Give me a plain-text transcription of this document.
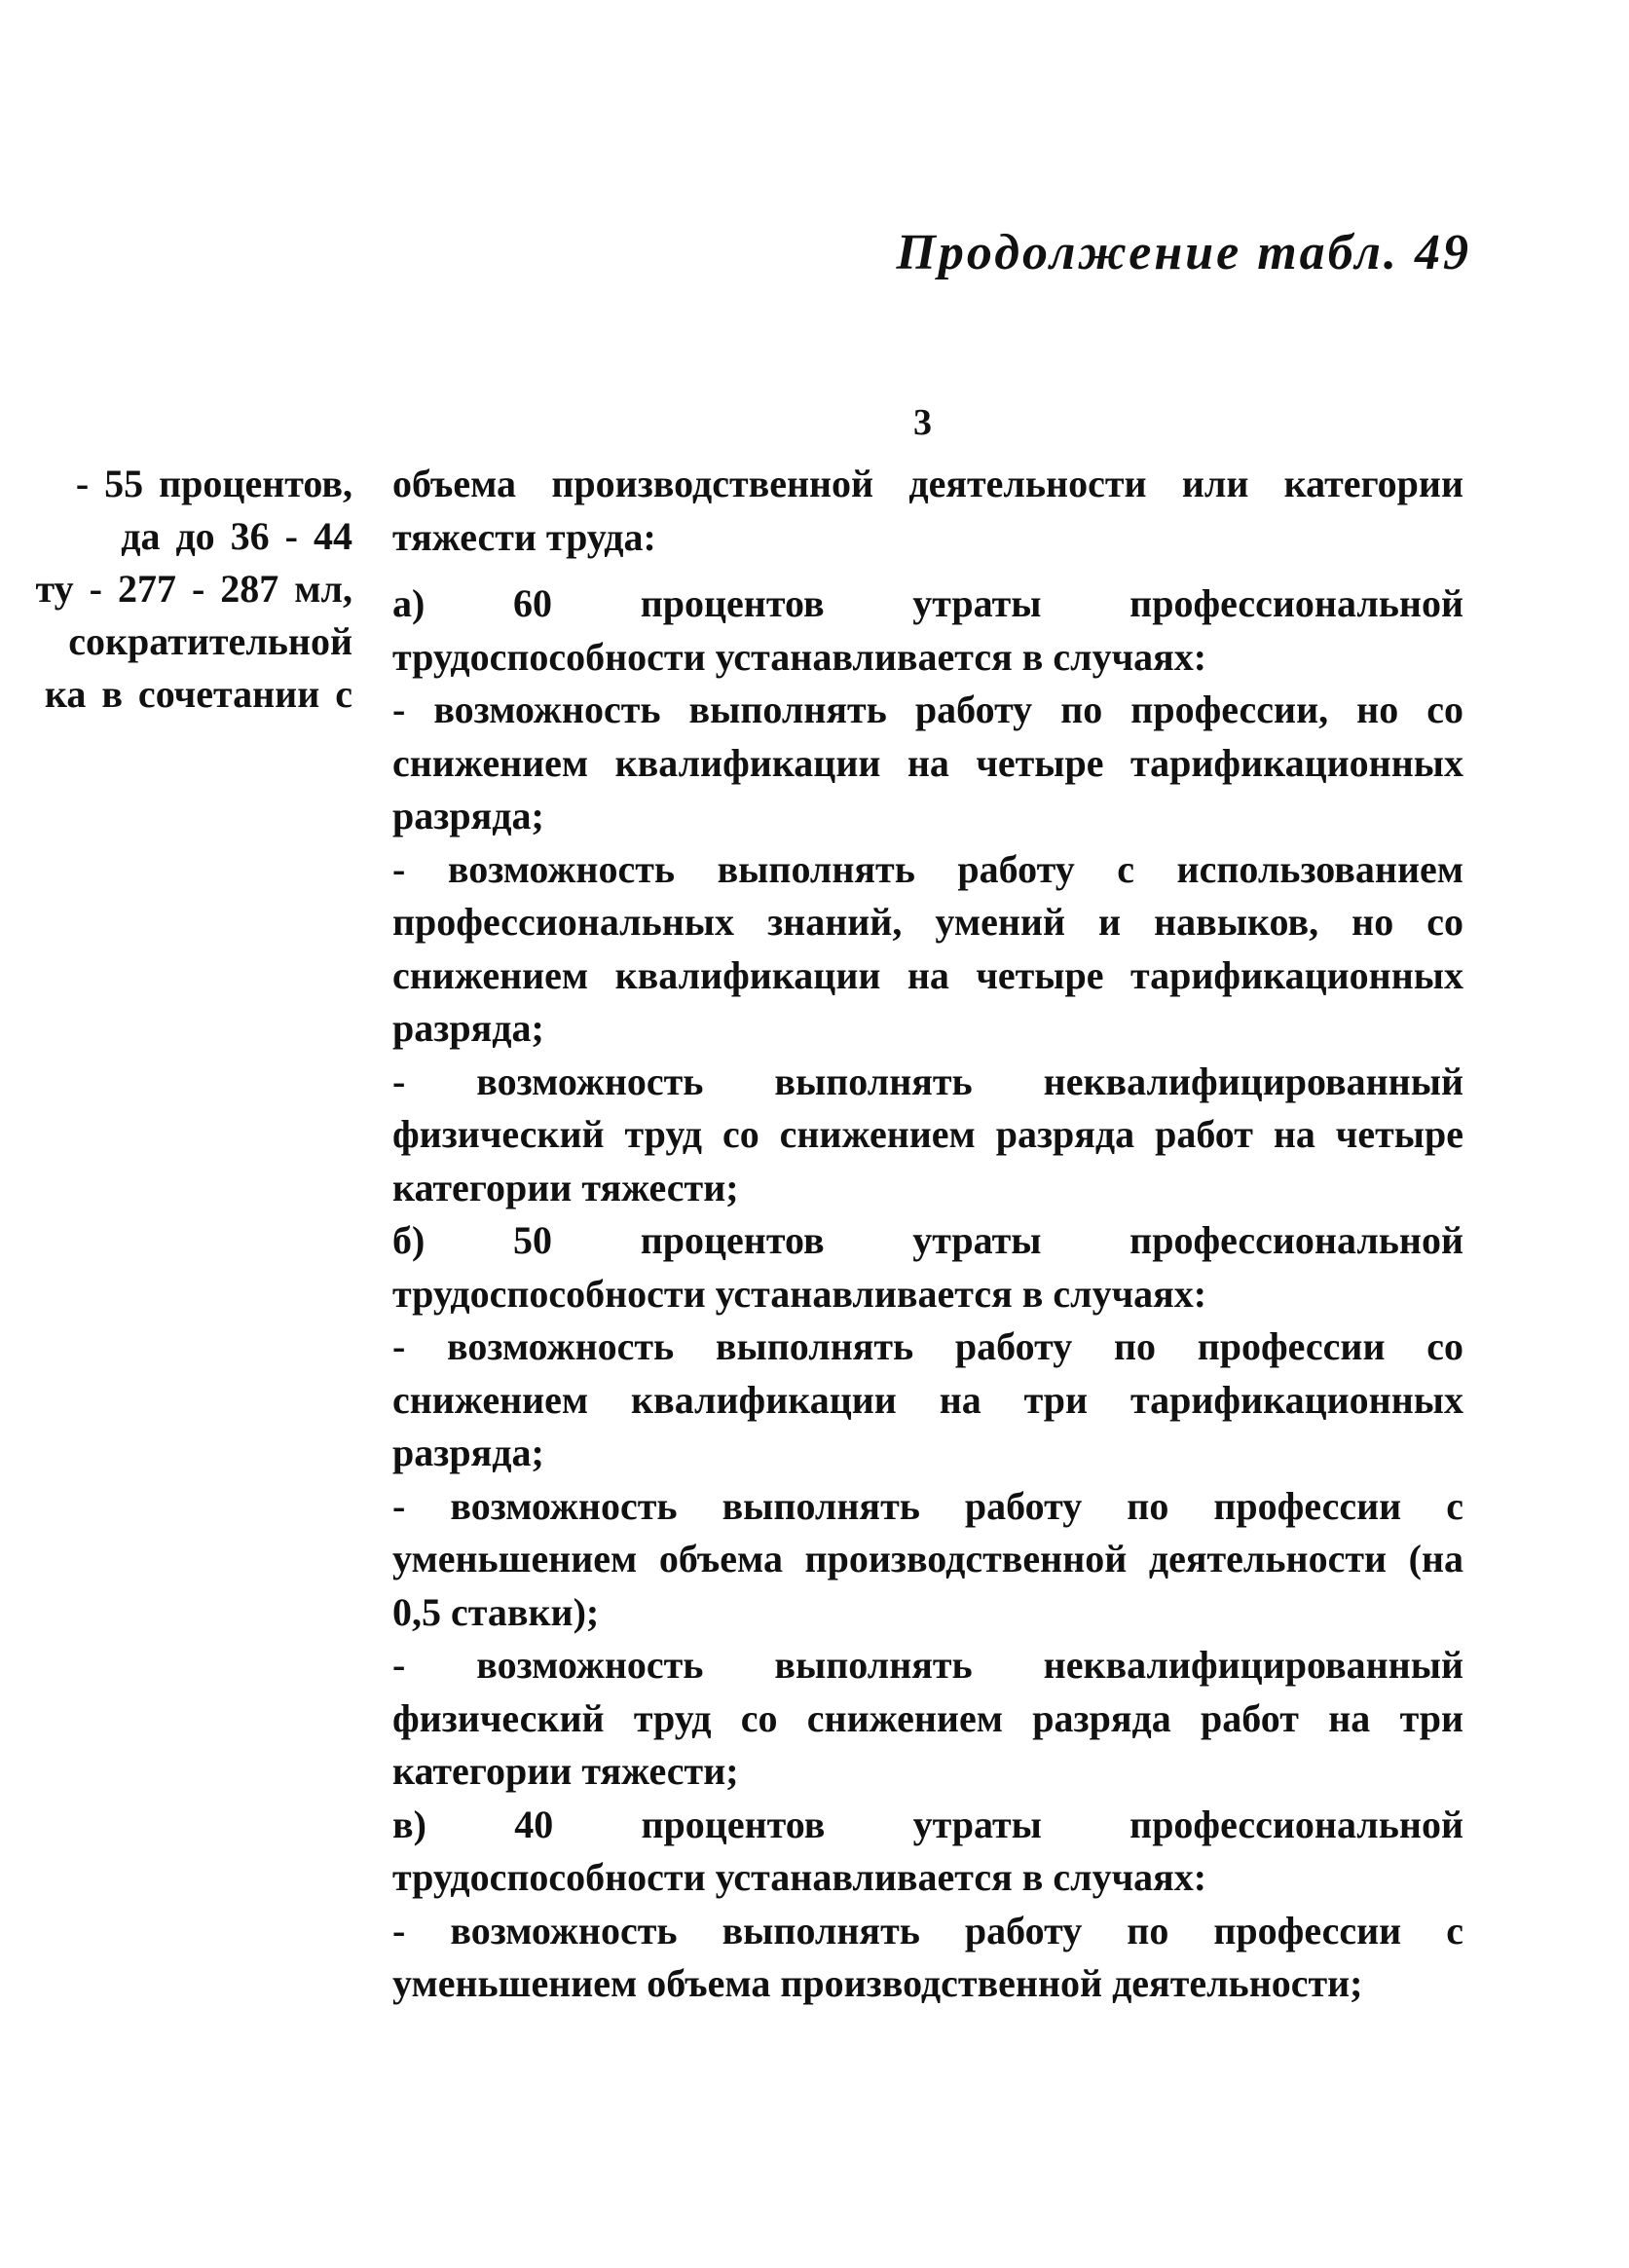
Продолжение табл. 49
3
- 55 процентов,
да до 36 - 44
ту - 277 - 287 мл,
сократительной
ка в сочетании с

объема производственной деятельности или категории тяжести труда:

а) 60 процентов утраты профессиональной трудоспособности устанавливается в случаях:

- возможность выполнять работу по профессии, но со снижением квалификации на четыре тарификационных разряда;

- возможность выполнять работу с использованием профессиональных знаний, умений и навыков, но со снижением квалификации на четыре тарификационных разряда;

- возможность выполнять неквалифицированный физический труд со снижением разряда работ на четыре категории тяжести;

б) 50 процентов утраты профессиональной трудоспособности устанавливается в случаях:

- возможность выполнять работу по профессии со снижением квалификации на три тарификационных разряда;

- возможность выполнять работу по профессии с уменьшением объема производственной деятельности (на 0,5 ставки);

- возможность выполнять неквалифицированный физический труд со снижением разряда работ на три категории тяжести;

в) 40 процентов утраты профессиональной трудоспособности устанавливается в случаях:

- возможность выполнять работу по профессии с уменьшением объема производственной деятельности;
